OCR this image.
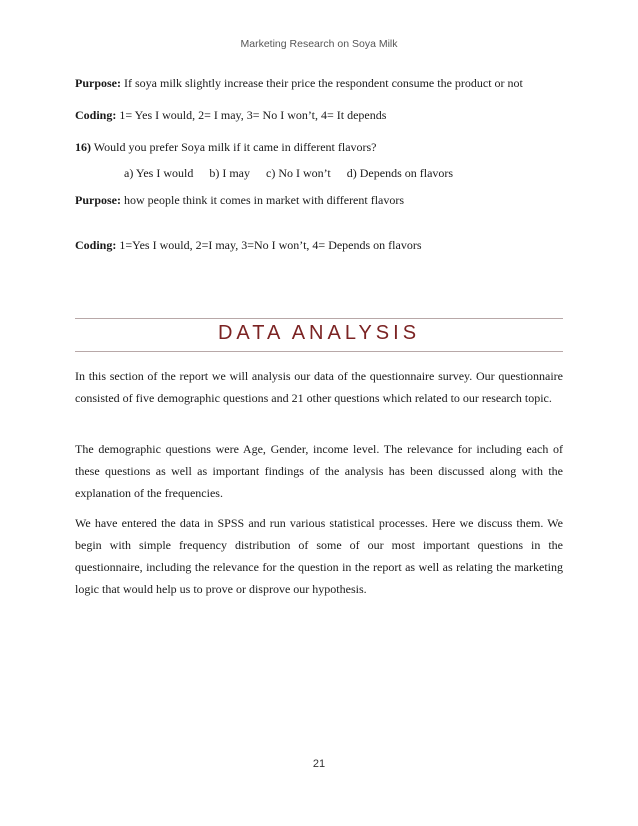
Marketing Research on Soya Milk
Purpose: If soya milk slightly increase their price the respondent consume the product or not
Coding: 1= Yes I would, 2= I may, 3= No I won’t, 4= It depends
16) Would you prefer Soya milk if it came in different flavors?
a) Yes I would b) I may c) No I won’t d) Depends on flavors
Purpose: how people think it comes in market with different flavors
Coding: 1=Yes I would, 2=I may, 3=No I won’t, 4= Depends on flavors
DATA ANALYSIS

In this section of the report we will analysis our data of the questionnaire survey. Our questionnaire consisted of five demographic questions and 21 other questions which related to our research topic.

The demographic questions were Age, Gender, income level. The relevance for including each of these questions as well as important findings of the analysis has been discussed along with the explanation of the frequencies.

We have entered the data in SPSS and run various statistical processes. Here we discuss them. We begin with simple frequency distribution of some of our most important questions in the questionnaire, including the relevance for the question in the report as well as relating the marketing logic that would help us to prove or disprove our hypothesis.

21
